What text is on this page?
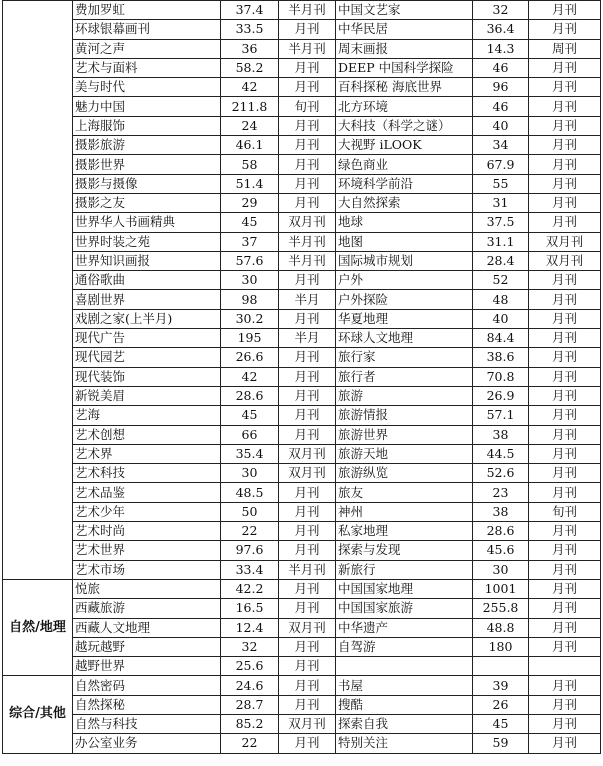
	费加罗虹	37.4	半月刊	中国文艺家	32	月刊
	环球银幕画刊	33.5	月刊	中华民居	36.4	月刊
	黄河之声	36	半月刊	周末画报	14.3	周刊
	艺术与面料	58.2	月刊	DEEP 中国科学探险	46	月刊
	美与时代	42	月刊	百科探秘 海底世界	96	月刊
	魅力中国	211.8	旬刊	北方环境	46	月刊
	上海服饰	24	月刊	大科技（科学之谜）	40	月刊
	摄影旅游	46.1	月刊	大视野 iLOOK	34	月刊
	摄影世界	58	月刊	绿色商业	67.9	月刊
	摄影与摄像	51.4	月刊	环境科学前沿	55	月刊
	摄影之友	29	月刊	大自然探索	31	月刊
	世界华人书画精典	45	双月刊	地球	37.5	月刊
	世界时装之苑	37	半月刊	地图	31.1	双月刊
	世界知识画报	57.6	半月刊	国际城市规划	28.4	双月刊
	通俗歌曲	30	月刊	户外	52	月刊
	喜剧世界	98	半月	户外探险	48	月刊
	戏剧之家(上半月)	30.2	月刊	华夏地理	40	月刊
	现代广告	195	半月	环球人文地理	84.4	月刊
	现代园艺	26.6	月刊	旅行家	38.6	月刊
	现代装饰	42	月刊	旅行者	70.8	月刊
	新锐美眉	28.6	月刊	旅游	26.9	月刊
	艺海	45	月刊	旅游情报	57.1	月刊
	艺术创想	66	月刊	旅游世界	38	月刊
	艺术界	35.4	双月刊	旅游天地	44.5	月刊
	艺术科技	30	双月刊	旅游纵览	52.6	月刊
	艺术品鉴	48.5	月刊	旅友	23	月刊
	艺术少年	50	月刊	神州	38	旬刊
	艺术时尚	22	月刊	私家地理	28.6	月刊
	艺术世界	97.6	月刊	探索与发现	45.6	月刊
	艺术市场	33.4	半月刊	新旅行	30	月刊
自然/地理	悦旅	42.2	月刊	中国国家地理	1001	月刊
	西藏旅游	16.5	月刊	中国国家旅游	255.8	月刊
	西藏人文地理	12.4	双月刊	中华遗产	48.8	月刊
	越玩越野	32	月刊	自驾游	180	月刊
	越野世界	25.6	月刊			
综合/其他	自然密码	24.6	月刊	书屋	39	月刊
	自然探秘	28.7	月刊	搜酷	26	月刊
	自然与科技	85.2	双月刊	探索自我	45	月刊
	办公室业务	22	月刊	特别关注	59	月刊
